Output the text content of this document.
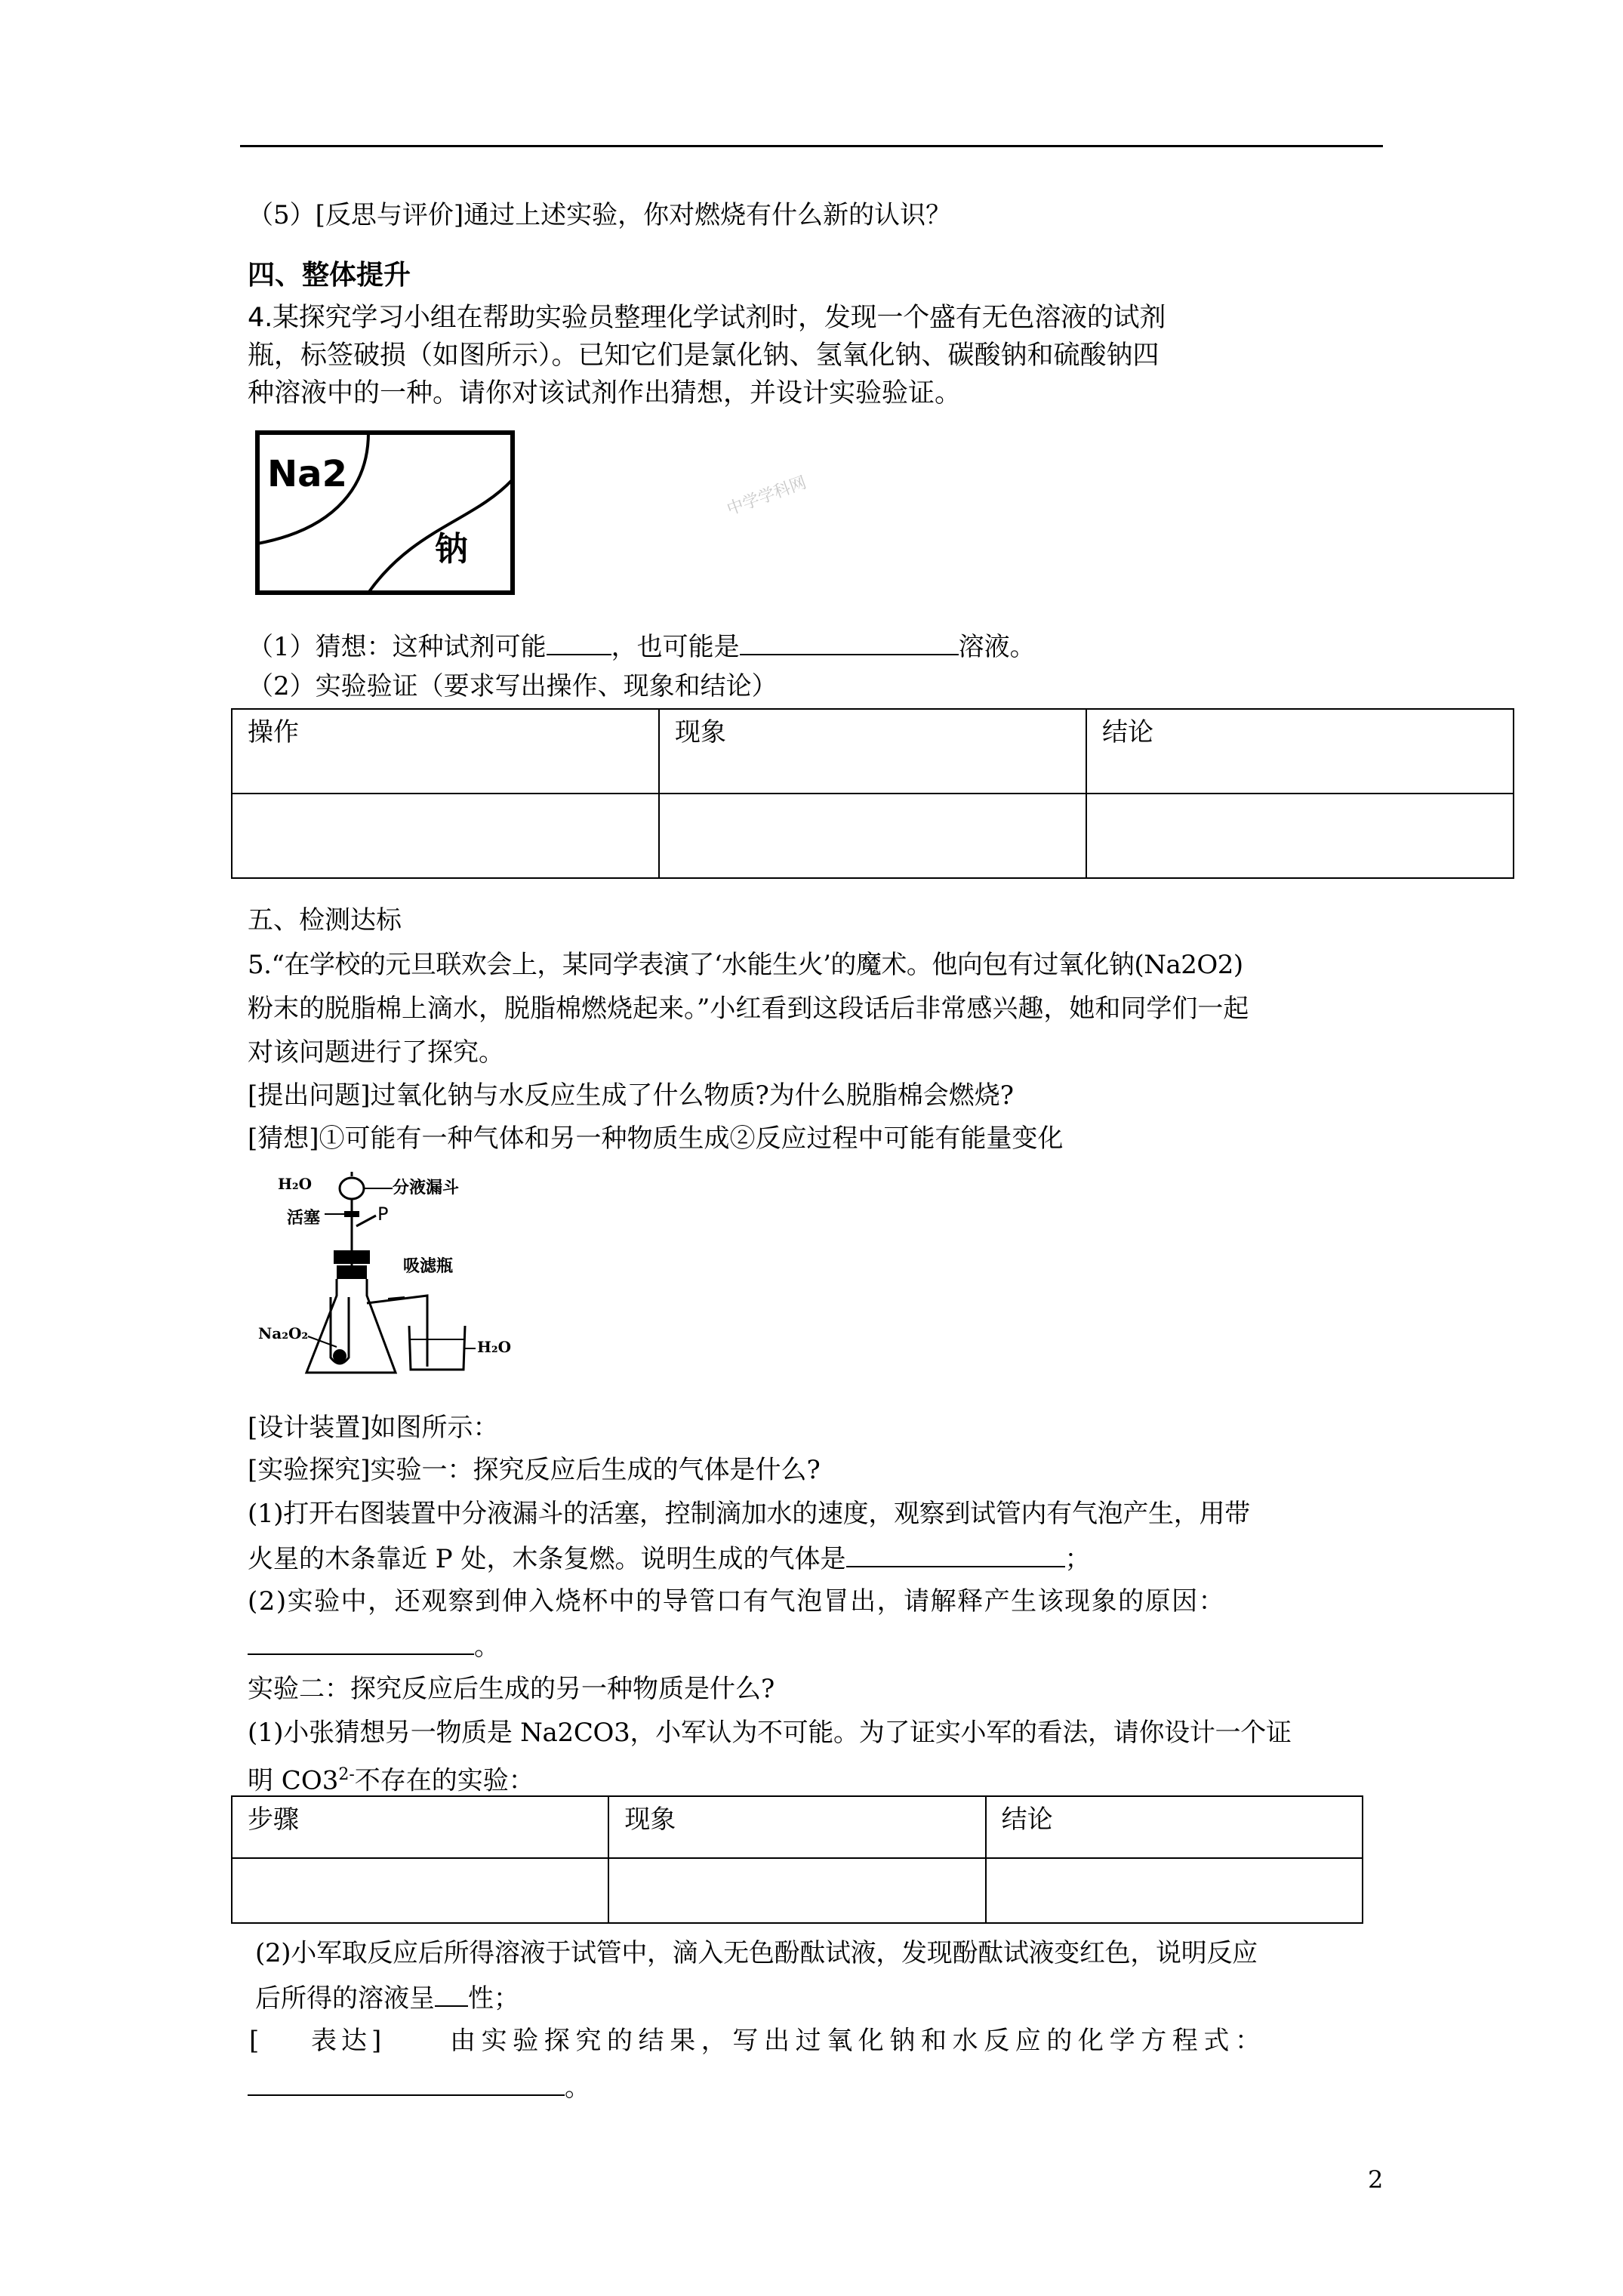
（5）[反思与评价]通过上述实验，你对燃烧有什么新的认识？
四、整体提升
4.某探究学习小组在帮助实验员整理化学试剂时，发现一个盛有无色溶液的试剂
瓶，标签破损（如图所示）。已知它们是氯化钠、氢氧化钠、碳酸钠和硫酸钠四
种溶液中的一种。请你对该试剂作出猜想，并设计实验验证。
中学学科网
Na2
钠
（1）猜想：这种试剂可能	，也可能是	溶液。
（2）实验验证（要求写出操作、现象和结论）
操作	现象	结论

五、检测达标
5.“在学校的元旦联欢会上，某同学表演了‘水能生火’的魔术。他向包有过氧化钠(Na2O2)
粉末的脱脂棉上滴水，脱脂棉燃烧起来。”小红看到这段话后非常感兴趣，她和同学们一起
对该问题进行了探究。
[提出问题]过氧化钠与水反应生成了什么物质?为什么脱脂棉会燃烧?
[猜想]①可能有一种气体和另一种物质生成②反应过程中可能有能量变化
H₂O	分液漏斗
活塞	P
吸滤瓶
Na₂O₂
H₂O
[设计装置]如图所示：
[实验探究]实验一：探究反应后生成的气体是什么?
(1)打开右图装置中分液漏斗的活塞，控制滴加水的速度，观察到试管内有气泡产生，用带
火星的木条靠近 P 处，木条复燃。说明生成的气体是	；
(2)实验中，还观察到伸入烧杯中的导管口有气泡冒出，请解释产生该现象的原因：
。
实验二：探究反应后生成的另一种物质是什么?
(1)小张猜想另一物质是 Na2CO3，小军认为不可能。为了证实小军的看法，请你设计一个证
明 $CO3^{2-}$不存在的实验：
步骤	现象	结论

(2)小军取反应后所得溶液于试管中，滴入无色酚酞试液，发现酚酞试液变红色，说明反应
后所得的溶液呈 性；
[ 表达] 由实验探究的结果，写出过氧化钠和水反应的化学方程式：
。
2
